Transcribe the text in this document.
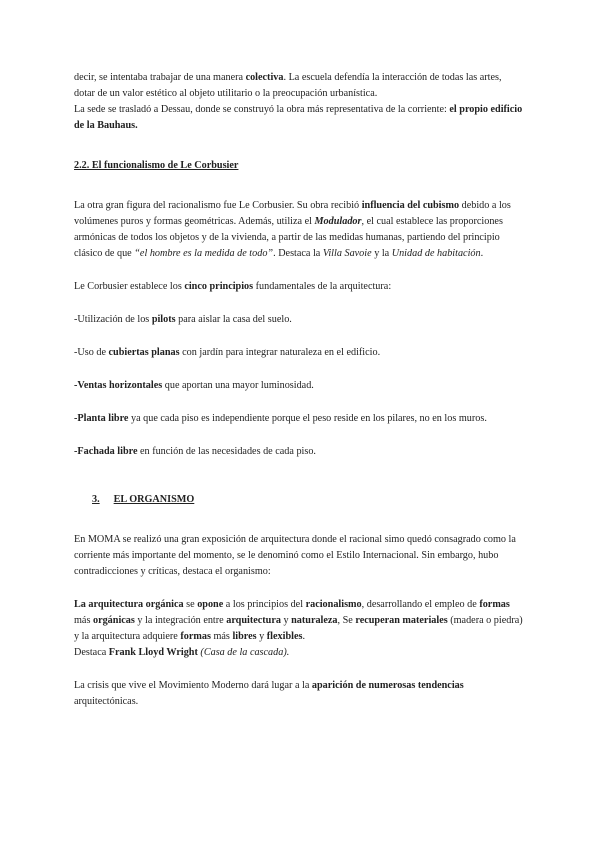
decir, se intentaba trabajar de una manera colectiva. La escuela defendía la interacción de todas las artes,
dotar de un valor estético al objeto utilitario o la preocupación urbanística.
La sede se trasladó a Dessau, donde se construyó la obra más representativa de la corriente: el propio edificio de la Bauhaus.

2.2. El funcionalismo de Le Corbusier

La otra gran figura del racionalismo fue Le Corbusier. Su obra recibió influencia del cubismo debido a los volúmenes puros y formas geométricas. Además, utiliza el Modulador, el cual establece las proporciones armónicas de todos los objetos y de la vivienda, a partir de las medidas humanas, partiendo del principio clásico de que “el hombre es la medida de todo”. Destaca la Villa Savoie y la Unidad de habitación.

Le Corbusier establece los cinco principios fundamentales de la arquitectura:

-Utilización de los pilots para aislar la casa del suelo.

-Uso de cubiertas planas con jardín para integrar naturaleza en el edificio.

-Ventas horizontales que aportan una mayor luminosidad.

-Planta libre ya que cada piso es independiente porque el peso reside en los pilares, no en los muros.

-Fachada libre en función de las necesidades de cada piso.

3. EL ORGANISMO

En MOMA se realizó una gran exposición de arquitectura donde el racional simo quedó consagrado como la corriente más importante del momento, se le denominó como el Estilo Internacional. Sin embargo, hubo contradicciones y críticas, destaca el organismo:

La arquitectura orgánica se opone a los principios del racionalismo, desarrollando el empleo de formas más orgánicas y la integración entre arquitectura y naturaleza, Se recuperan materiales (madera o piedra) y la arquitectura adquiere formas más libres y flexibles.
Destaca Frank Lloyd Wright (Casa de la cascada).

La crisis que vive el Movimiento Moderno dará lugar a la aparición de numerosas tendencias arquitectónicas.
